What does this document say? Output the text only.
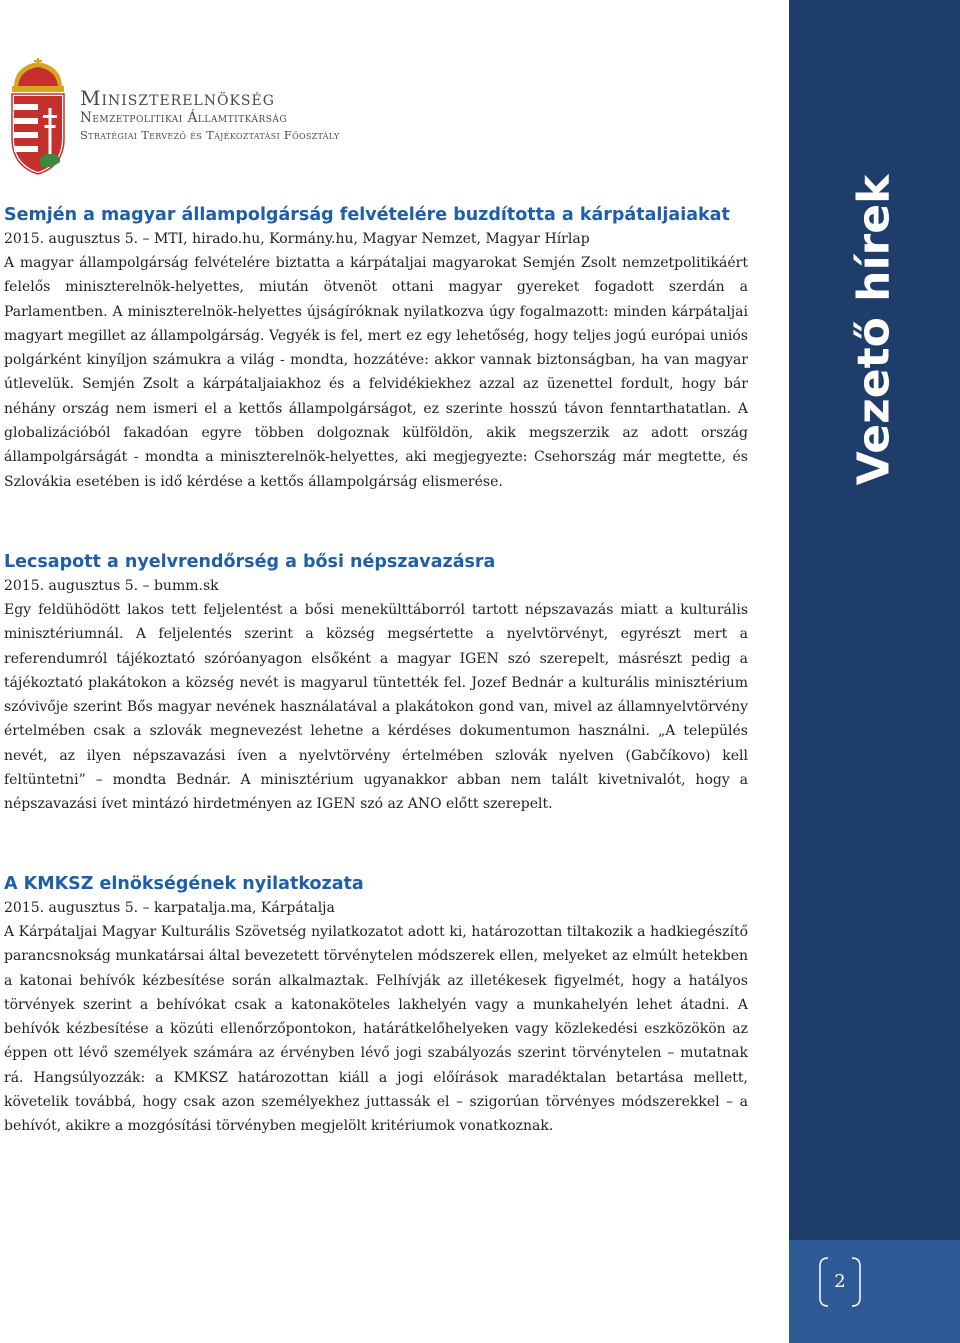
Vezető hírek
2
Miniszterelnökség
Nemzetpolitikai Államtitkárság
Stratégiai Tervező és Tájékoztatási Főosztály
Semjén a magyar állampolgárság felvételére buzdította a kárpátaljaiakat

2015. augusztus 5. – MTI, hirado.hu, Kormány.hu, Magyar Nemzet, Magyar Hírlap

A magyar állampolgárság felvételére biztatta a kárpátaljai magyarokat Semjén Zsolt nemzetpolitikáért felelős miniszterelnök-helyettes, miután ötvenöt ottani magyar gyereket fogadott szerdán a Parlamentben. A miniszterelnök-helyettes újságíróknak nyilatkozva úgy fogalmazott: minden kárpátaljai magyart megillet az állampolgárság. Vegyék is fel, mert ez egy lehetőség, hogy teljes jogú európai uniós polgárként kinyíljon számukra a világ - mondta, hozzátéve: akkor vannak biztonságban, ha van magyar útlevelük. Semjén Zsolt a kárpátaljaiakhoz és a felvidékiekhez azzal az üzenettel fordult, hogy bár néhány ország nem ismeri el a kettős állampolgárságot, ez szerinte hosszú távon fenntarthatatlan. A globalizációból fakadóan egyre többen dolgoznak külföldön, akik megszerzik az adott ország állampolgárságát - mondta a miniszterelnök-helyettes, aki megjegyezte: Csehország már megtette, és Szlovákia esetében is idő kérdése a kettős állampolgárság elismerése.

Lecsapott a nyelvrendőrség a bősi népszavazásra

2015. augusztus 5. – bumm.sk

Egy feldühödött lakos tett feljelentést a bősi menekülttáborról tartott népszavazás miatt a kulturális minisztériumnál. A feljelentés szerint a község megsértette a nyelvtörvényt, egyrészt mert a referendumról tájékoztató szóróanyagon elsőként a magyar IGEN szó szerepelt, másrészt pedig a tájékoztató plakátokon a község nevét is magyarul tüntették fel. Jozef Bednár a kulturális minisztérium szóvivője szerint Bős magyar nevének használatával a plakátokon gond van, mivel az államnyelvtörvény értelmében csak a szlovák megnevezést lehetne a kérdéses dokumentumon használni. „A település nevét, az ilyen népszavazási íven a nyelvtörvény értelmében szlovák nyelven (Gabčíkovo) kell feltüntetni” – mondta Bednár. A minisztérium ugyanakkor abban nem talált kivetnivalót, hogy a népszavazási ívet mintázó hirdetményen az IGEN szó az ANO előtt szerepelt.

A KMKSZ elnökségének nyilatkozata

2015. augusztus 5. – karpatalja.ma, Kárpátalja

A Kárpátaljai Magyar Kulturális Szövetség nyilatkozatot adott ki, határozottan tiltakozik a hadkiegészítő parancsnokság munkatársai által bevezetett törvénytelen módszerek ellen, melyeket az elmúlt hetekben a katonai behívók kézbesítése során alkalmaztak. Felhívják az illetékesek figyelmét, hogy a hatályos törvények szerint a behívókat csak a katonaköteles lakhelyén vagy a munkahelyén lehet átadni. A behívók kézbesítése a közúti ellenőrzőpontokon, határátkelőhelyeken vagy közlekedési eszközökön az éppen ott lévő személyek számára az érvényben lévő jogi szabályozás szerint törvénytelen – mutatnak rá. Hangsúlyozzák: a KMKSZ határozottan kiáll a jogi előírások maradéktalan betartása mellett, követelik továbbá, hogy csak azon személyekhez juttassák el – szigorúan törvényes módszerekkel – a behívót, akikre a mozgósítási törvényben megjelölt kritériumok vonatkoznak.
